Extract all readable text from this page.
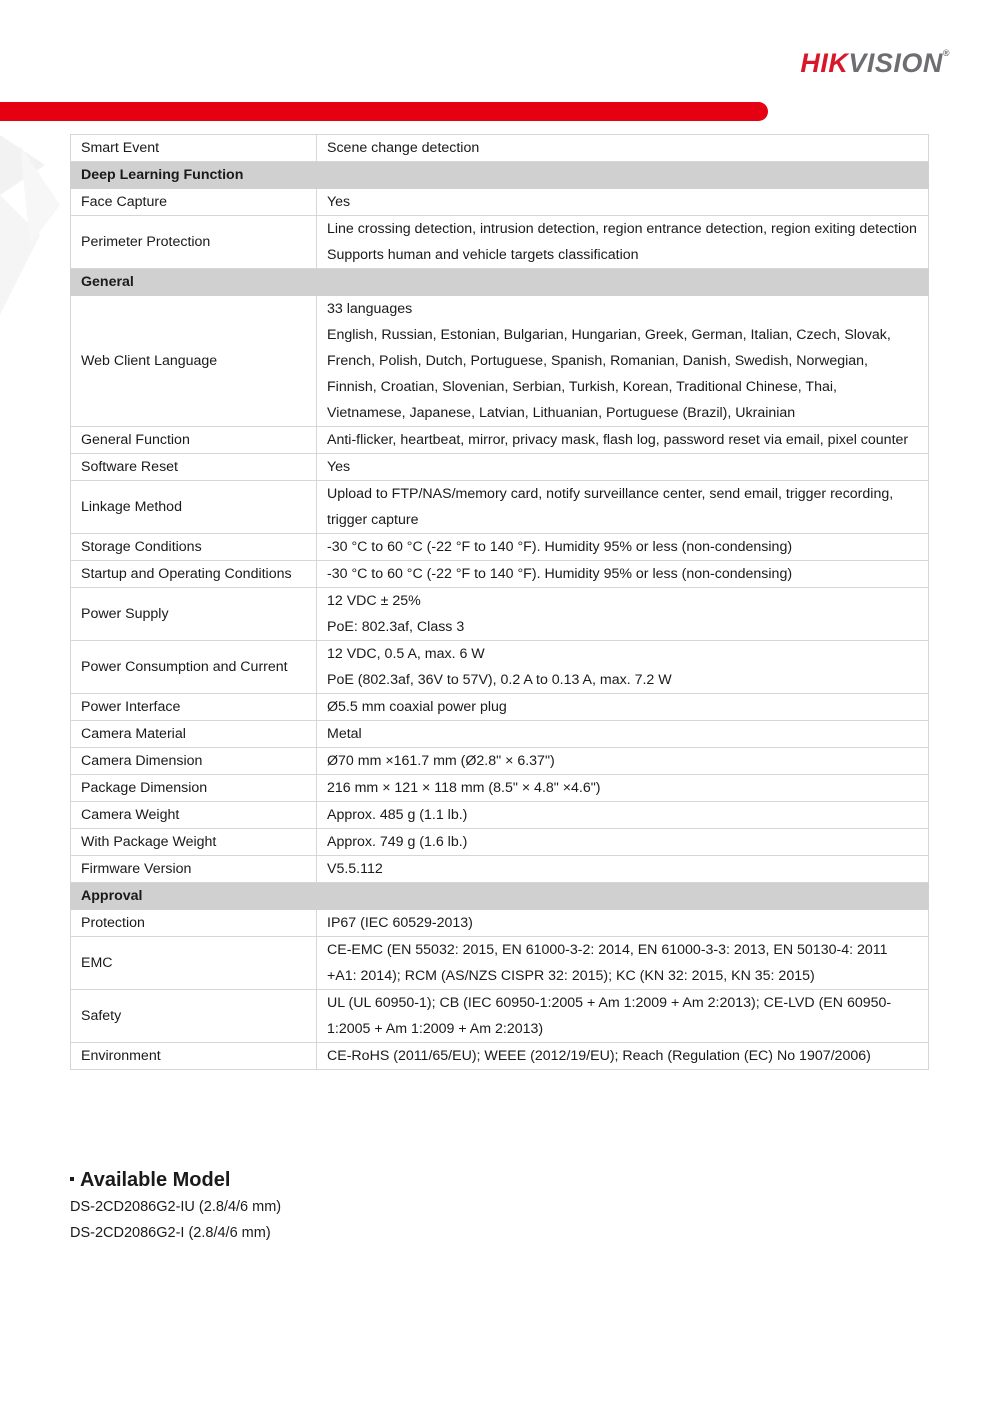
HIKVISION®
Smart Event	Scene change detection

Deep Learning Function	
Face Capture	Yes

Perimeter Protection	Line crossing detection, intrusion detection, region entrance detection, region exiting detection
Supports human and vehicle targets classification

General	
Web Client Language	33 languages
English, Russian, Estonian, Bulgarian, Hungarian, Greek, German, Italian, Czech, Slovak, French, Polish, Dutch, Portuguese, Spanish, Romanian, Danish, Swedish, Norwegian, Finnish, Croatian, Slovenian, Serbian, Turkish, Korean, Traditional Chinese, Thai, Vietnamese, Japanese, Latvian, Lithuanian, Portuguese (Brazil), Ukrainian

General Function	Anti-flicker, heartbeat, mirror, privacy mask, flash log, password reset via email, pixel counter

Software Reset	Yes

Linkage Method	Upload to FTP/NAS/memory card, notify surveillance center, send email, trigger recording, trigger capture

Storage Conditions	-30 °C to 60 °C (-22 °F to 140 °F). Humidity 95% or less (non-condensing)

Startup and Operating Conditions	-30 °C to 60 °C (-22 °F to 140 °F). Humidity 95% or less (non-condensing)

Power Supply	12 VDC ± 25%
PoE: 802.3af, Class 3

Power Consumption and Current	12 VDC, 0.5 A, max. 6 W
PoE (802.3af, 36V to 57V), 0.2 A to 0.13 A, max. 7.2 W

Power Interface	Ø5.5 mm coaxial power plug

Camera Material	Metal

Camera Dimension	Ø70 mm ×161.7 mm (Ø2.8" × 6.37")

Package Dimension	216 mm × 121 × 118 mm (8.5" × 4.8" ×4.6")

Camera Weight	Approx. 485 g (1.1 lb.)

With Package Weight	Approx. 749 g (1.6 lb.)

Firmware Version	V5.5.112

Approval	
Protection	IP67 (IEC 60529-2013)

EMC	CE-EMC (EN 55032: 2015, EN 61000-3-2: 2014, EN 61000-3-3: 2013, EN 50130-4: 2011 +A1: 2014); RCM (AS/NZS CISPR 32: 2015); KC (KN 32: 2015, KN 35: 2015)

Safety	UL (UL 60950-1); CB (IEC 60950-1:2005 + Am 1:2009 + Am 2:2013); CE-LVD (EN 60950-1:2005 + Am 1:2009 + Am 2:2013)

Environment	CE-RoHS (2011/65/EU); WEEE (2012/19/EU); Reach (Regulation (EC) No 1907/2006)
Available Model
DS-2CD2086G2-IU (2.8/4/6 mm)
DS-2CD2086G2-I (2.8/4/6 mm)
